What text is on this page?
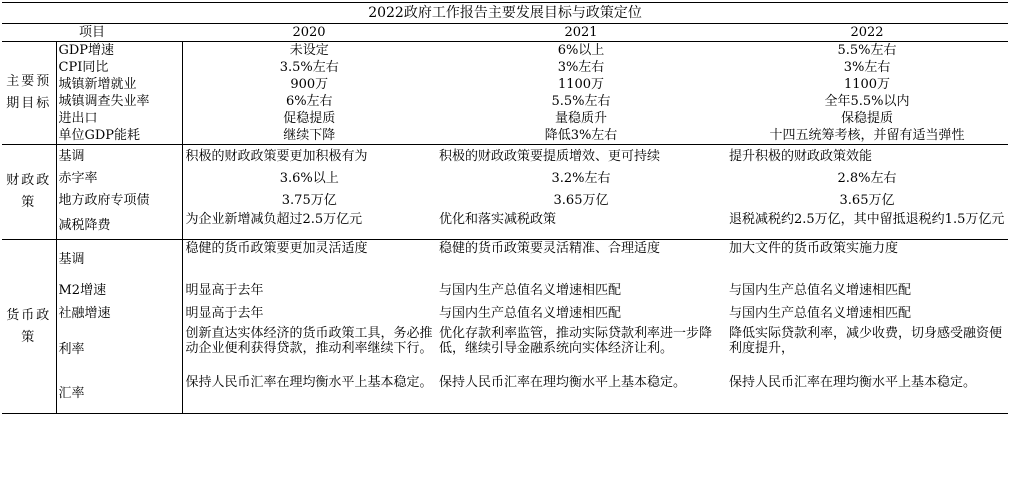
2022政府工作报告主要发展目标与政策定位				
项目		2020	2021	2022
主要预期目标	GDP增速	未设定	6%以上	5.5%左右
	CPI同比	3.5%左右	3%左右	3%左右
	城镇新增就业	900万	1100万	1100万
	城镇调查失业率	6%左右	5.5%左右	全年5.5%以内
	进出口	促稳提质	量稳质升	保稳提质
	单位GDP能耗	继续下降	降低3%左右	十四五统筹考核，并留有适当弹性
财政政策	基调	积极的财政政策要更加积极有为	积极的财政政策要提质增效、更可持续	提升积极的财政政策效能
	赤字率	3.6%以上	3.2%左右	2.8%左右
	地方政府专项债	3.75万亿	3.65万亿	3.65万亿
	减税降费	为企业新增减负超过2.5万亿元	优化和落实减税政策	退税减税约2.5万亿，其中留抵退税约1.5万亿元
货币政策	基调	稳健的货币政策要更加灵活适度	稳健的货币政策要灵活精准、合理适度	加大文件的货币政策实施力度
	M2增速	明显高于去年	与国内生产总值名义增速相匹配	与国内生产总值名义增速相匹配
	社融增速	明显高于去年	与国内生产总值名义增速相匹配	与国内生产总值名义增速相匹配
	利率	创新直达实体经济的货币政策工具，务必推动企业便利获得贷款，推动利率继续下行。	优化存款利率监管，推动实际贷款利率进一步降低，继续引导金融系统向实体经济让利。	降低实际贷款利率，减少收费，切身感受融资便利度提升，
	汇率	保持人民币汇率在理均衡水平上基本稳定。	保持人民币汇率在理均衡水平上基本稳定。	保持人民币汇率在理均衡水平上基本稳定。
